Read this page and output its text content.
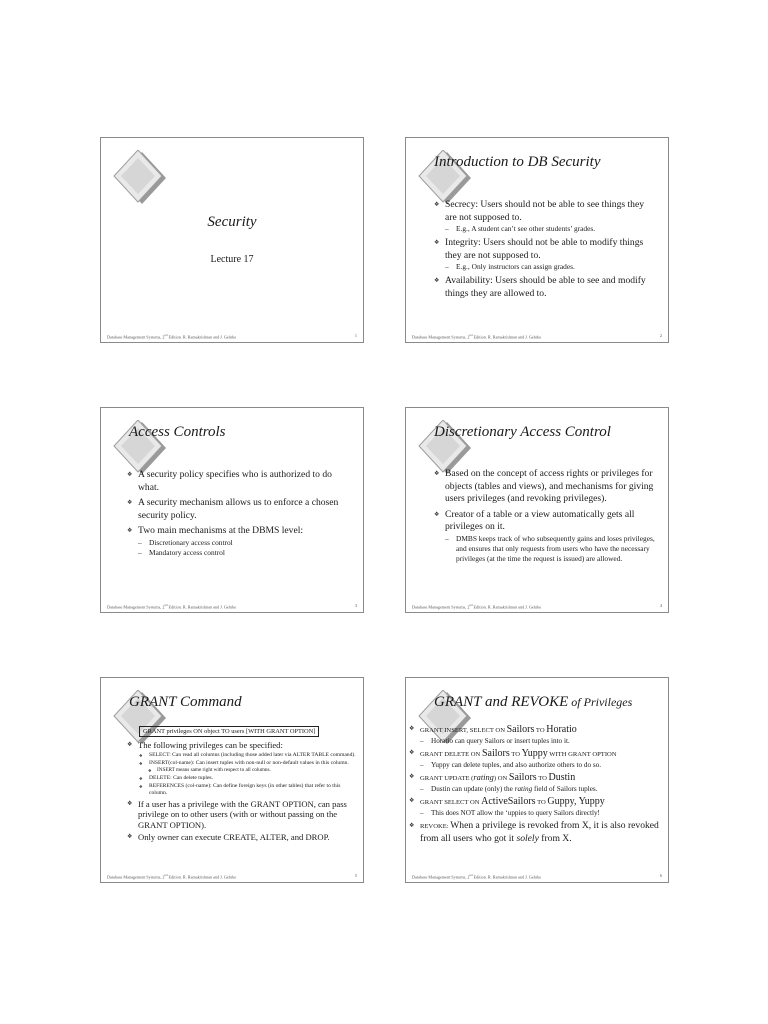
Security
Lecture 17
Database Management Systems, 2nd Edition. R. Ramakrishnan and J. Gehrke	1
Introduction to DB Security
❖ Secrecy: Users should not be able to see things they are not supposed to.
– E.g., A student can’t see other students’ grades.
❖ Integrity: Users should not be able to modify things they are not supposed to.
– E.g., Only instructors can assign grades.
❖ Availability: Users should be able to see and modify things they are allowed to.
Database Management Systems, 2nd Edition. R. Ramakrishnan and J. Gehrke	2
Access Controls
❖ A security policy specifies who is authorized to do what.
❖ A security mechanism allows us to enforce a chosen security policy.
❖ Two main mechanisms at the DBMS level:
– Discretionary access control
– Mandatory access control
Database Management Systems, 2nd Edition. R. Ramakrishnan and J. Gehrke	3
Discretionary Access Control
❖ Based on the concept of access rights or privileges for objects (tables and views), and mechanisms for giving users privileges (and revoking privileges).
❖ Creator of a table or a view automatically gets all privileges on it.
– DMBS keeps track of who subsequently gains and loses privileges, and ensures that only requests from users who have the necessary privileges (at the time the request is issued) are allowed.
Database Management Systems, 2nd Edition. R. Ramakrishnan and J. Gehrke	4
GRANT Command
GRANT privileges ON object TO users [WITH GRANT OPTION]
❖ The following privileges can be specified:
❖ SELECT: Can read all columns (including those added later via ALTER TABLE command).
❖ INSERT(col-name): Can insert tuples with non-null or non-default values in this column.
❖ INSERT means same right with respect to all columns.
❖ DELETE: Can delete tuples.
❖ REFERENCES (col-name): Can define foreign keys (in other tables) that refer to this column.
❖ If a user has a privilege with the GRANT OPTION, can pass privilege on to other users (with or without passing on the GRANT OPTION).
❖ Only owner can execute CREATE, ALTER, and DROP.
Database Management Systems, 2nd Edition. R. Ramakrishnan and J. Gehrke	5
GRANT and REVOKE of Privileges
❖ GRANT INSERT, SELECT ON Sailors TO Horatio
– Horatio can query Sailors or insert tuples into it.
❖ GRANT DELETE ON Sailors TO Yuppy WITH GRANT OPTION
– Yuppy can delete tuples, and also authorize others to do so.
❖ GRANT UPDATE (rating) ON Sailors TO Dustin
– Dustin can update (only) the rating field of Sailors tuples.
❖ GRANT SELECT ON ActiveSailors TO Guppy, Yuppy
– This does NOT allow the ‘uppies to query Sailors directly!
❖ REVOKE: When a privilege is revoked from X, it is also revoked from all users who got it solely from X.
Database Management Systems, 2nd Edition. R. Ramakrishnan and J. Gehrke	6
